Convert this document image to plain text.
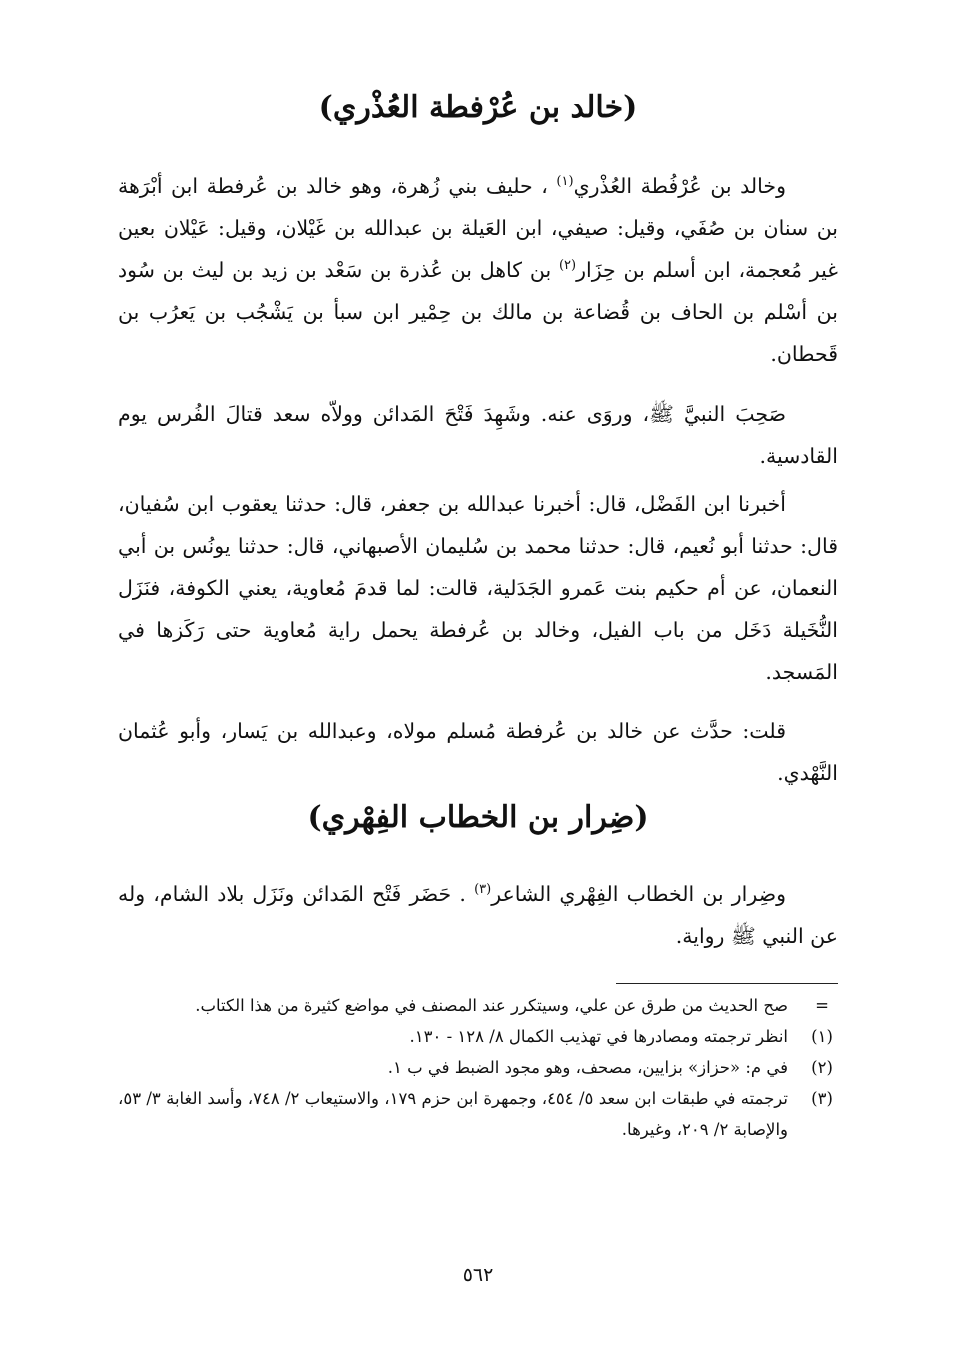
(خالد بن عُرْفطة العُذْري)

وخالد بن عُرْفُطة العُذْري$^{(١)}$ ، حليف بني زُهرة، وهو خالد بن عُرفطة ابن أبْرَهة بن سنان بن صُفَي، وقيل: صيفي، ابن العَيلة بن عبدالله بن غَيْلان، وقيل: عَيْلان بعين غير مُعجمة، ابن أسلم بن حِزَار$^{(٢)}$ بن كاهل بن عُذرة بن سَعْد بن زيد بن ليث بن سُود بن أسْلم بن الحاف بن قُضاعة بن مالك بن حِمْير ابن سبأ بن يَشْجُب بن يَعرُب بن قَحطان.

صَحِبَ النبيَّ ﷺ، وروَى عنه. وشَهِدَ فَتْحَ المَدائن وولاّه سعد قتالَ الفُرس يوم القادسية.

أخبرنا ابن الفَضْل، قال: أخبرنا عبدالله بن جعفر، قال: حدثنا يعقوب ابن سُفيان، قال: حدثنا أبو نُعيم، قال: حدثنا محمد بن سُليمان الأصبهاني، قال: حدثنا يونُس بن أبي النعمان، عن أم حكيم بنت عَمرو الجَدَلية، قالت: لما قدمَ مُعاوية، يعني الكوفة، فنَزَل النُّخَيلة دَخَل من باب الفيل، وخالد بن عُرفطة يحمل راية مُعاوية حتى رَكَزها في المَسجد.

قلت: حدَّث عن خالد بن عُرفطة مُسلم مولاه، وعبدالله بن يَسار، وأبو عُثمان النَّهْدي.

(ضِرار بن الخطاب الفِهْري)

وضِرار بن الخطاب الفِهْري الشاعر$^{(٣)}$ . حَضَر فَتْح المَدائن ونَزَل بلاد الشام، وله عن النبي ﷺ رواية.

=
صح الحديث من طرق عن علي، وسيتكرر عند المصنف في مواضع كثيرة من هذا الكتاب.
(١)
انظر ترجمته ومصادرها في تهذيب الكمال ٨/ ١٢٨ - ١٣٠.
(٢)
في م: «حزاز» بزايين، مصحف، وهو مجود الضبط في ب ١.
(٣)
ترجمته في طبقات ابن سعد ٥/ ٤٥٤، وجمهرة ابن حزم ١٧٩، والاستيعاب ٢/ ٧٤٨، وأسد الغابة ٣/ ٥٣، والإصابة ٢/ ٢٠٩، وغيرها.
٥٦٢
